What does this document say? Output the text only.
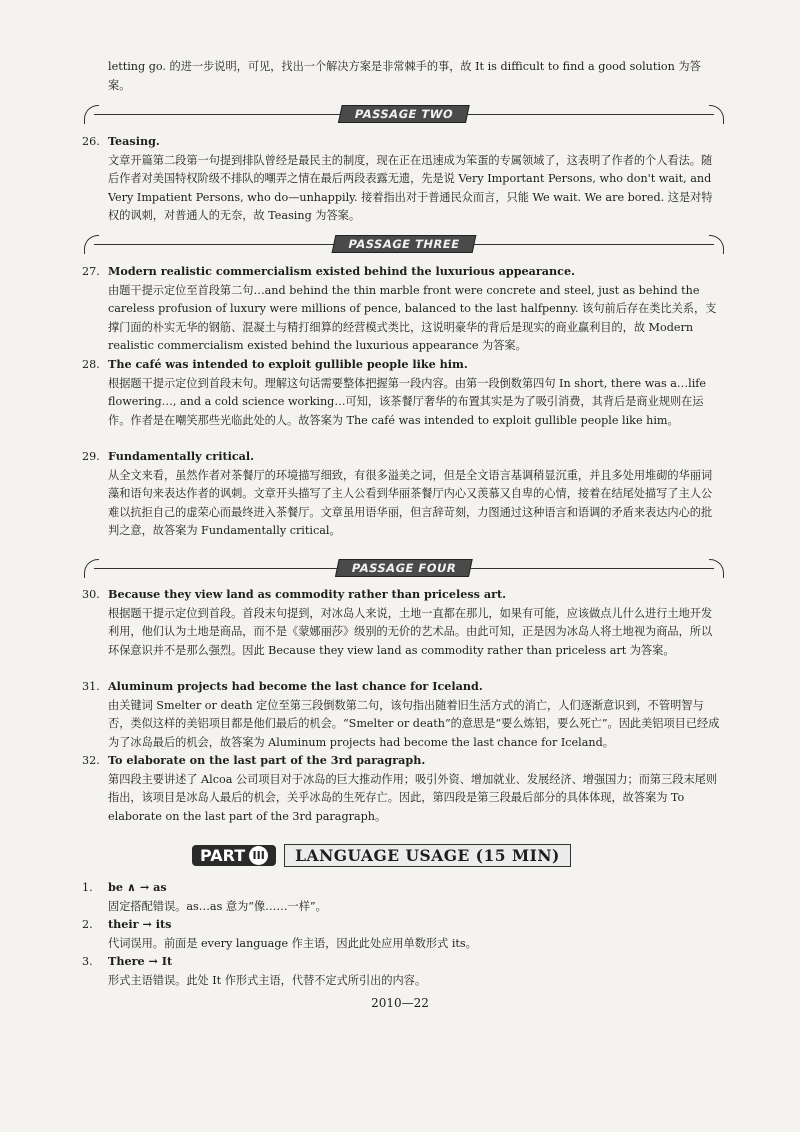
letting go. 的进一步说明，可见，找出一个解决方案是非常棘手的事，故 It is difficult to find a good solution 为答案。
PASSAGE TWO
26. Teasing.
文章开篇第二段第一句提到排队曾经是最民主的制度，现在正在迅速成为笨蛋的专属领域了，这表明了作者的个人看法。随后作者对美国特权阶级不排队的嘲弄之情在最后两段表露无遗，先是说 Very Important Persons, who don't wait, and Very Impatient Persons, who do—unhappily. 接着指出对于普通民众而言，只能 We wait. We are bored. 这是对特权的讽刺，对普通人的无奈，故 Teasing 为答案。
PASSAGE THREE
27. Modern realistic commercialism existed behind the luxurious appearance.
由题干提示定位至首段第二句…and behind the thin marble front were concrete and steel, just as behind the careless profusion of luxury were millions of pence, balanced to the last halfpenny. 该句前后存在类比关系，支撑门面的朴实无华的钢筋、混凝土与精打细算的经营模式类比，这说明豪华的背后是现实的商业赢利目的，故 Modern realistic commercialism existed behind the luxurious appearance 为答案。
28. The café was intended to exploit gullible people like him.
根据题干提示定位到首段末句。理解这句话需要整体把握第一段内容。由第一段倒数第四句 In short, there was a…life flowering…, and a cold science working…可知，该茶餐厅奢华的布置其实是为了吸引消费，其背后是商业规则在运作。作者是在嘲笑那些光临此处的人。故答案为 The café was intended to exploit gullible people like him。
29. Fundamentally critical.
从全文来看，虽然作者对茶餐厅的环境描写细致，有很多溢美之词，但是全文语言基调稍显沉重，并且多处用堆砌的华丽词藻和语句来表达作者的讽刺。文章开头描写了主人公看到华丽茶餐厅内心又羡慕又自卑的心情，接着在结尾处描写了主人公难以抗拒自己的虚荣心而最终进入茶餐厅。文章虽用语华丽，但言辞苛刻，力图通过这种语言和语调的矛盾来表达内心的批判之意，故答案为 Fundamentally critical。
PASSAGE FOUR
30. Because they view land as commodity rather than priceless art.
根据题干提示定位到首段。首段末句提到，对冰岛人来说，土地一直都在那儿，如果有可能，应该做点儿什么进行土地开发利用，他们认为土地是商品，而不是《蒙娜丽莎》级别的无价的艺术品。由此可知，正是因为冰岛人将土地视为商品，所以环保意识并不是那么强烈。因此 Because they view land as commodity rather than priceless art 为答案。
31. Aluminum projects had become the last chance for Iceland.
由关键词 Smelter or death 定位至第三段倒数第二句，该句指出随着旧生活方式的消亡，人们逐渐意识到，不管明智与否，类似这样的美铝项目都是他们最后的机会。“Smelter or death”的意思是“要么炼铝，要么死亡”。因此美铝项目已经成为了冰岛最后的机会，故答案为 Aluminum projects had become the last chance for Iceland。
32. To elaborate on the last part of the 3rd paragraph.
第四段主要讲述了 Alcoa 公司项目对于冰岛的巨大推动作用；吸引外资、增加就业、发展经济、增强国力；而第三段末尾则指出，该项目是冰岛人最后的机会，关乎冰岛的生死存亡。因此，第四段是第三段最后部分的具体体现，故答案为 To elaborate on the last part of the 3rd paragraph。
PART III	LANGUAGE USAGE (15 MIN)
1. be ∧ → as
固定搭配错误。as…as 意为“像……一样”。
2. their → its
代词误用。前面是 every language 作主语，因此此处应用单数形式 its。
3. There → It
形式主语错误。此处 It 作形式主语，代替不定式所引出的内容。
2010—22
